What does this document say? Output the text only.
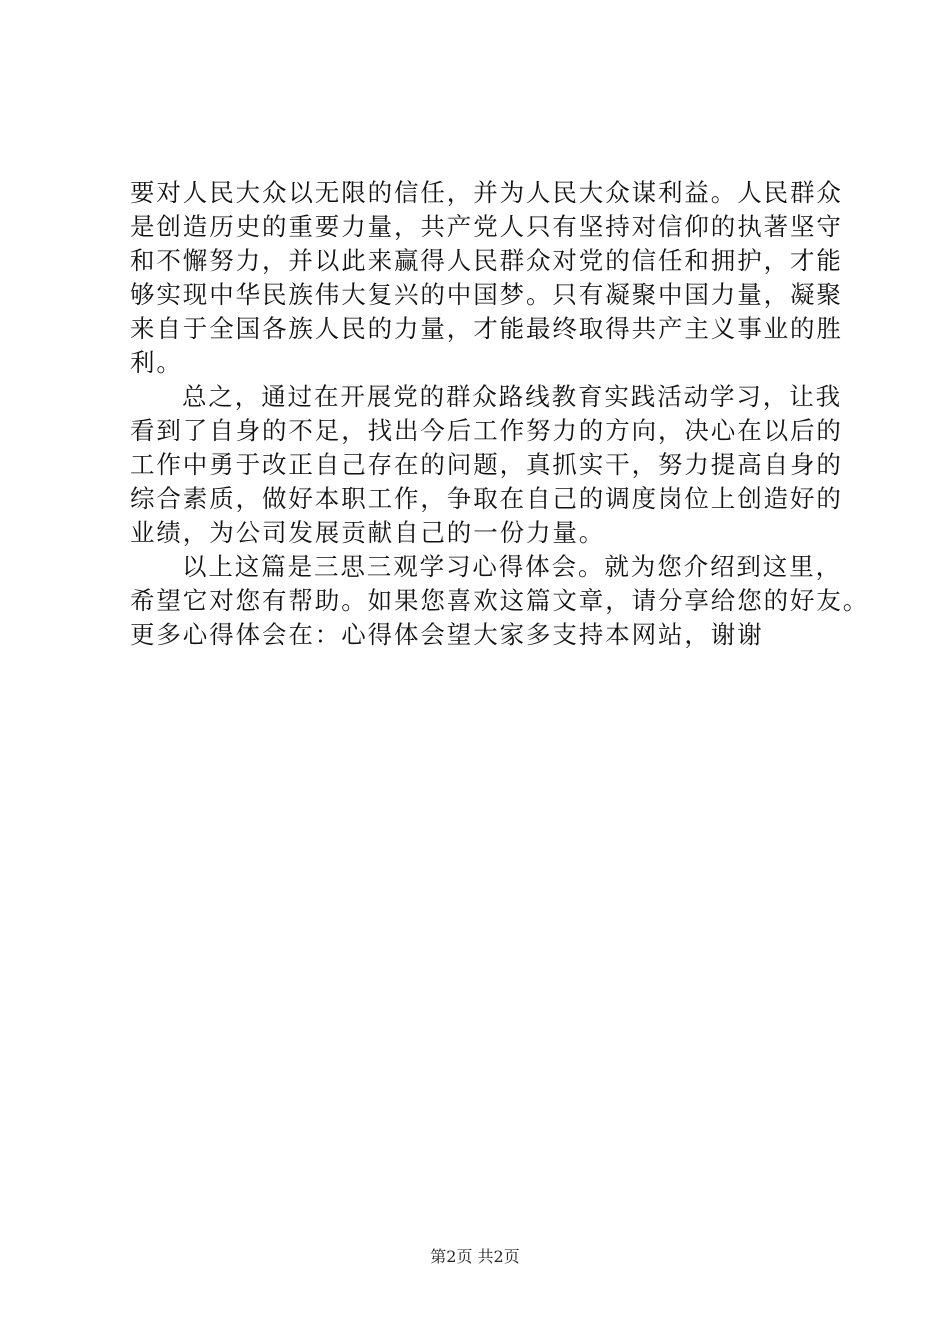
要对人民大众以无限的信任，并为人民大众谋利益。人民群众
是创造历史的重要力量，共产党人只有坚持对信仰的执著坚守
和不懈努力，并以此来赢得人民群众对党的信任和拥护，才能
够实现中华民族伟大复兴的中国梦。只有凝聚中国力量，凝聚
来自于全国各族人民的力量，才能最终取得共产主义事业的胜
利。
总之，通过在开展党的群众路线教育实践活动学习，让我
看到了自身的不足，找出今后工作努力的方向，决心在以后的
工作中勇于改正自己存在的问题，真抓实干，努力提高自身的
综合素质，做好本职工作，争取在自己的调度岗位上创造好的
业绩，为公司发展贡献自己的一份力量。
以上这篇是三思三观学习心得体会。就为您介绍到这里，
希望它对您有帮助。如果您喜欢这篇文章，请分享给您的好友。
更多心得体会在：心得体会望大家多支持本网站，谢谢
第2页 共2页
